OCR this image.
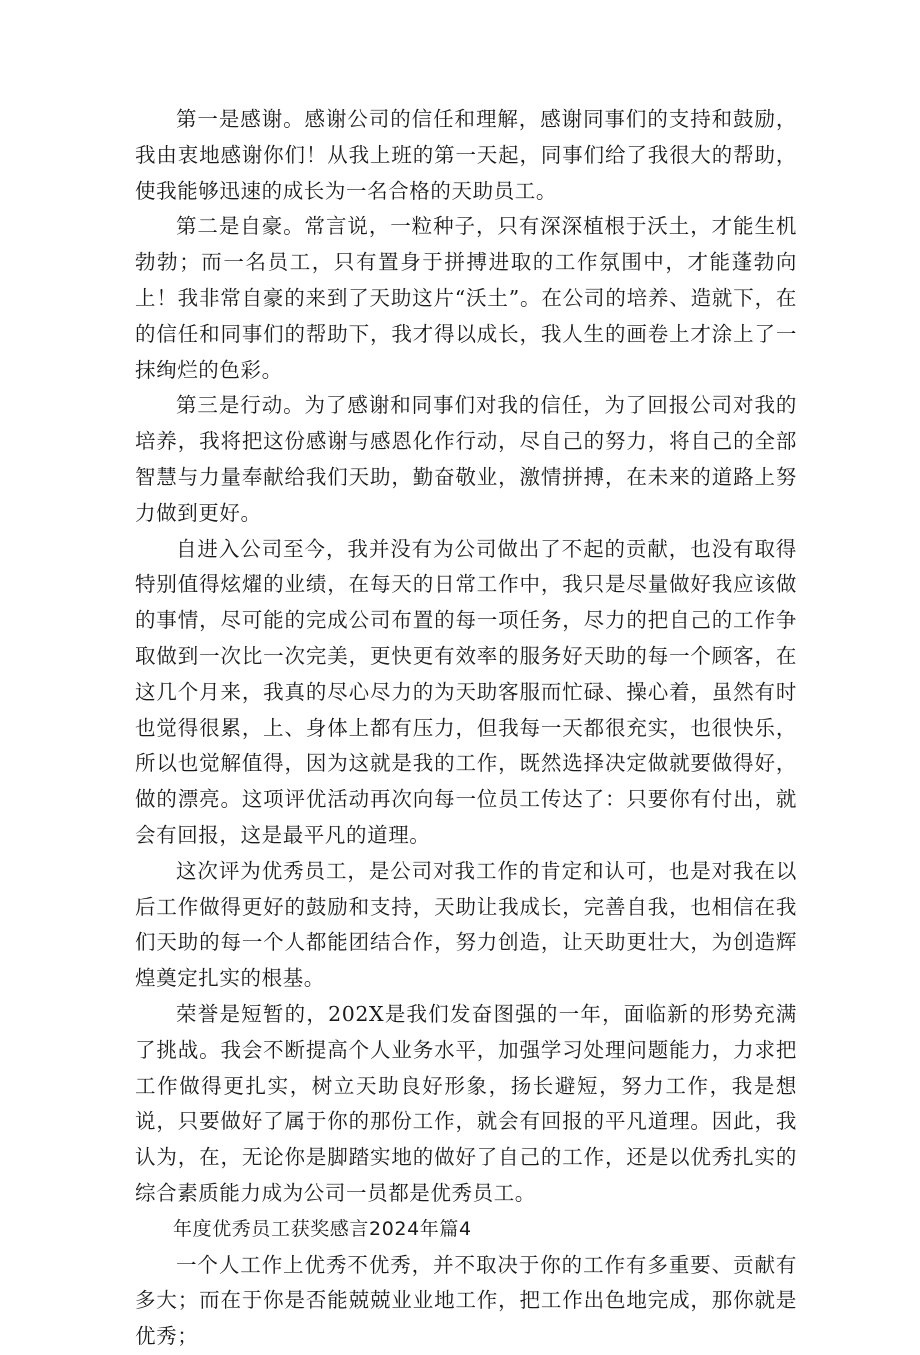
第一是感谢。感谢公司的信任和理解，感谢同事们的支持和鼓励，我由衷地感谢你们！从我上班的第一天起，同事们给了我很大的帮助，使我能够迅速的成长为一名合格的天助员工。

第二是自豪。常言说，一粒种子，只有深深植根于沃土，才能生机勃勃；而一名员工，只有置身于拼搏进取的工作氛围中，才能蓬勃向上！我非常自豪的来到了天助这片“沃土”。在公司的培养、造就下，在的信任和同事们的帮助下，我才得以成长，我人生的画卷上才涂上了一抹绚烂的色彩。

第三是行动。为了感谢和同事们对我的信任，为了回报公司对我的培养，我将把这份感谢与感恩化作行动，尽自己的努力，将自己的全部智慧与力量奉献给我们天助，勤奋敬业，激情拼搏，在未来的道路上努力做到更好。

自进入公司至今，我并没有为公司做出了不起的贡献，也没有取得特别值得炫燿的业绩，在每天的日常工作中，我只是尽量做好我应该做的事情，尽可能的完成公司布置的每一项任务，尽力的把自己的工作争取做到一次比一次完美，更快更有效率的服务好天助的每一个顾客，在这几个月来，我真的尽心尽力的为天助客服而忙碌、操心着，虽然有时也觉得很累，上、身体上都有压力，但我每一天都很充实，也很快乐，所以也觉解值得，因为这就是我的工作，既然选择决定做就要做得好，做的漂亮。这项评优活动再次向每一位员工传达了：只要你有付出，就会有回报，这是最平凡的道理。

这次评为优秀员工，是公司对我工作的肯定和认可，也是对我在以后工作做得更好的鼓励和支持，天助让我成长，完善自我，也相信在我们天助的每一个人都能团结合作，努力创造，让天助更壮大，为创造辉煌奠定扎实的根基。

荣誉是短暂的，202X是我们发奋图强的一年，面临新的形势充满了挑战。我会不断提高个人业务水平，加强学习处理问题能力，力求把工作做得更扎实，树立天助良好形象，扬长避短，努力工作，我是想说，只要做好了属于你的那份工作，就会有回报的平凡道理。因此，我认为，在，无论你是脚踏实地的做好了自己的工作，还是以优秀扎实的综合素质能力成为公司一员都是优秀员工。

年度优秀员工获奖感言2024年篇4

一个人工作上优秀不优秀，并不取决于你的工作有多重要、贡献有多大；而在于你是否能兢兢业业地工作，把工作出色地完成，那你就是优秀；
